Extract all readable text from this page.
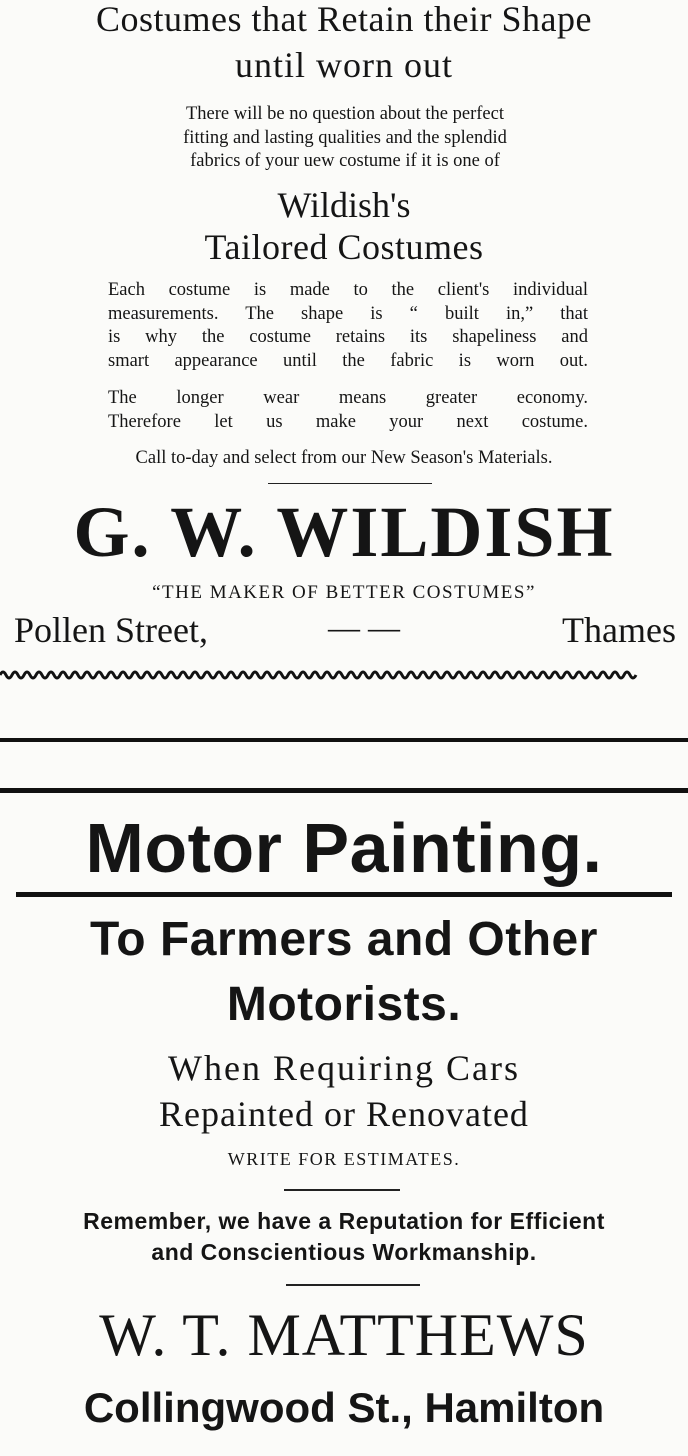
Costumes that Retain their Shape
until worn out
There will be no question about the perfect
fitting and lasting qualities and the splendid
fabrics of your uew costume if it is one of
Wildish's
Tailored Costumes
Each costume is made to the client's individual
measurements. The shape is “ built in,” that
is why the costume retains its shapeliness and
smart appearance until the fabric is worn out.
The longer wear means greater economy.
Therefore let us make your next costume.
Call to-day and select from our New Season's Materials.
G. W. WILDISH
“THE MAKER OF BETTER COSTUMES”
Pollen Street,	— —	Thames
Motor Painting.
To Farmers and Other
Motorists.
When Requiring Cars
Repainted or Renovated
WRITE FOR ESTIMATES.
Remember, we have a Reputation for Efficient
and Conscientious Workmanship.
W. T. MATTHEWS
Collingwood St., Hamilton
